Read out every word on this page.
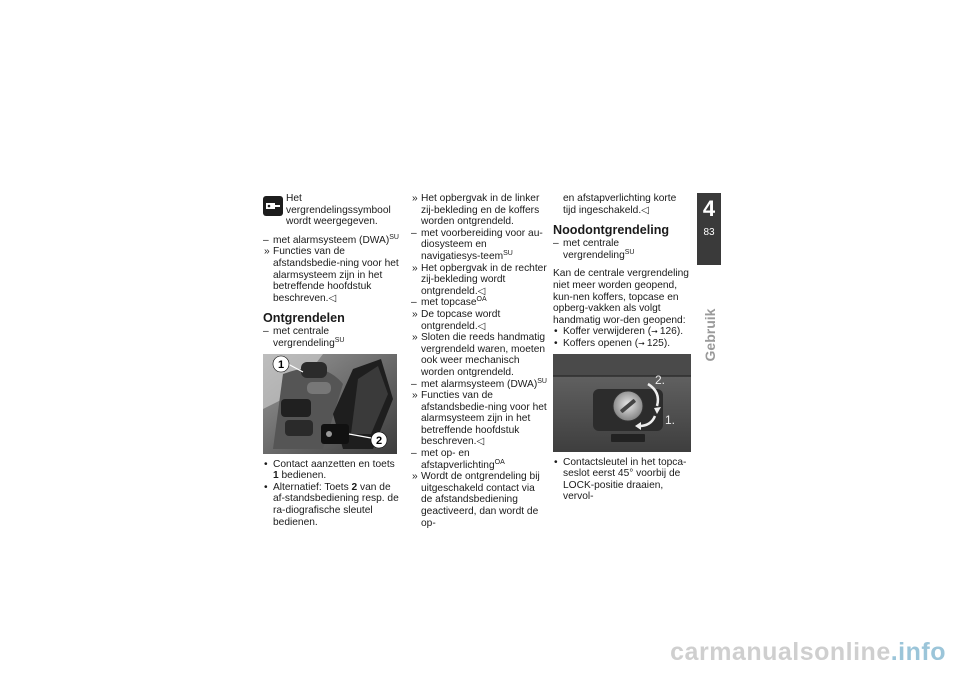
Het vergrendelingssymbool wordt weergegeven.

– met alarmsysteem (DWA)$^{SU}$

» Functies van de afstandsbedie-ning voor het alarmsysteem zijn in het betreffende hoofdstuk beschreven.◁

Ontgrendelen

– met centrale vergrendeling$^{SU}$

1
2

• Contact aanzetten en toets 1 bedienen.

• Alternatief: Toets 2 van de af-standsbediening resp. de ra-diografische sleutel bedienen.

» Het opbergvak in de linker zij-bekleding en de koffers worden ontgrendeld.

– met voorbereiding voor au-diosysteem en navigatiesys-teem$^{SU}$

» Het opbergvak in de rechter zij-bekleding wordt ontgrendeld.◁

– met topcase$^{OA}$

» De topcase wordt ontgrendeld.◁

» Sloten die reeds handmatig vergrendeld waren, moeten ook weer mechanisch worden ontgrendeld.

– met alarmsysteem (DWA)$^{SU}$

» Functies van de afstandsbedie-ning voor het alarmsysteem zijn in het betreffende hoofdstuk beschreven.◁

– met op- en afstapverlichting$^{OA}$

» Wordt de ontgrendeling bij uitgeschakeld contact via de afstandsbediening geactiveerd, dan wordt de op-

en afstapverlichting korte tijd ingeschakeld.◁

Noodontgrendeling

– met centrale vergrendeling$^{SU}$

Kan de centrale vergrendeling niet meer worden geopend, kun-nen koffers, topcase en opberg-vakken als volgt handmatig wor-den geopend:

• Koffer verwijderen ( ➞ 126).

• Koffers openen ( ➞ 125).

2.
1.

• Contactsleutel in het topca-seslot eerst 45° voorbij de LOCK-positie draaien, vervol-

4
83
Gebruik
carmanualsonline.info
